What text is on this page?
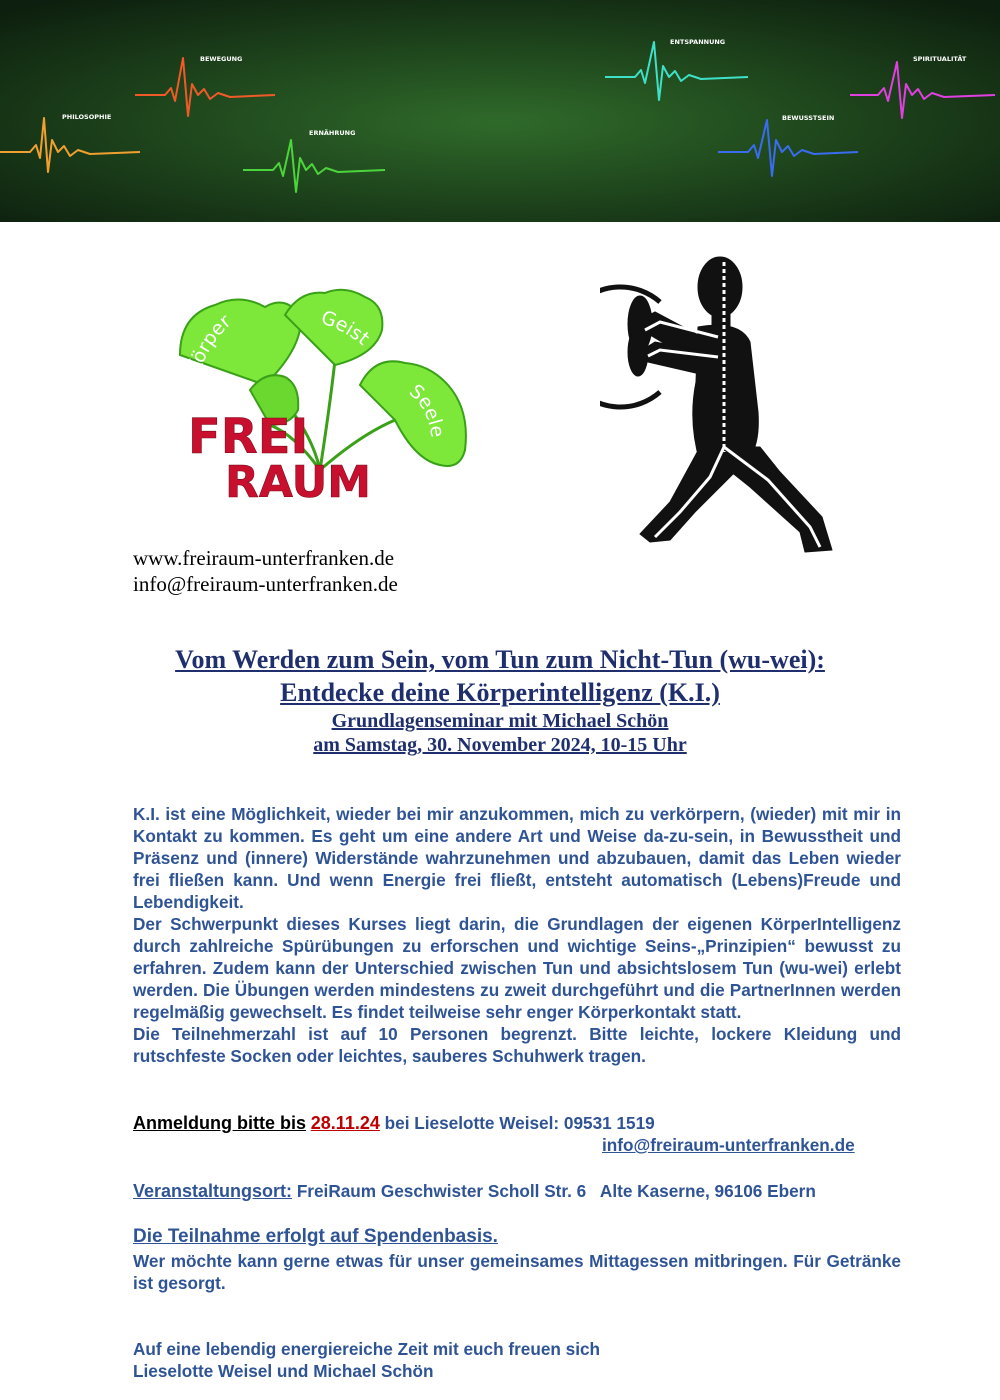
PHILOSOPHIE
BEWEGUNG
ERNÄHRUNG
ENTSPANNUNG
BEWUSSTSEIN
SPIRITUALITÄT
Körper	Geist
Seele
FREI
RAUM
www.freiraum-unterfranken.de
info@freiraum-unterfranken.de
Vom Werden zum Sein, vom Tun zum Nicht-Tun (wu-wei):
Entdecke deine Körperintelligenz (K.I.)
Grundlagenseminar mit Michael Schön
am Samstag, 30. November 2024, 10-15 Uhr

K.I. ist eine Möglichkeit, wieder bei mir anzukommen, mich zu verkörpern, (wieder) mit mir in Kontakt zu kommen. Es geht um eine andere Art und Weise da-zu-sein, in Bewusstheit und Präsenz und (innere) Widerstände wahrzunehmen und abzubauen, damit das Leben wieder frei fließen kann. Und wenn Energie frei fließt, entsteht automatisch (Lebens)Freude und Lebendigkeit.

Der Schwerpunkt dieses Kurses liegt darin, die Grundlagen der eigenen KörperIntelligenz durch zahlreiche Spürübungen zu erforschen und wichtige Seins-„Prinzipien“ bewusst zu erfahren. Zudem kann der Unterschied zwischen Tun und absichtslosem Tun (wu-wei) erlebt werden. Die Übungen werden mindestens zu zweit durchgeführt und die PartnerInnen werden regelmäßig gewechselt. Es findet teilweise sehr enger Körperkontakt statt.

Die Teilnehmerzahl ist auf 10 Personen begrenzt. Bitte leichte, lockere Kleidung und rutschfeste Socken oder leichtes, sauberes Schuhwerk tragen.

Anmeldung bitte bis 28.11.24 bei Lieselotte Weisel: 09531 1519
info@freiraum-unterfranken.de
Veranstaltungsort: FreiRaum Geschwister Scholl Str. 6   Alte Kaserne, 96106 Ebern
Die Teilnahme erfolgt auf Spendenbasis.
Wer möchte kann gerne etwas für unser gemeinsames Mittagessen mitbringen. Für Getränke ist gesorgt.
Auf eine lebendig energiereiche Zeit mit euch freuen sich
Lieselotte Weisel und Michael Schön
